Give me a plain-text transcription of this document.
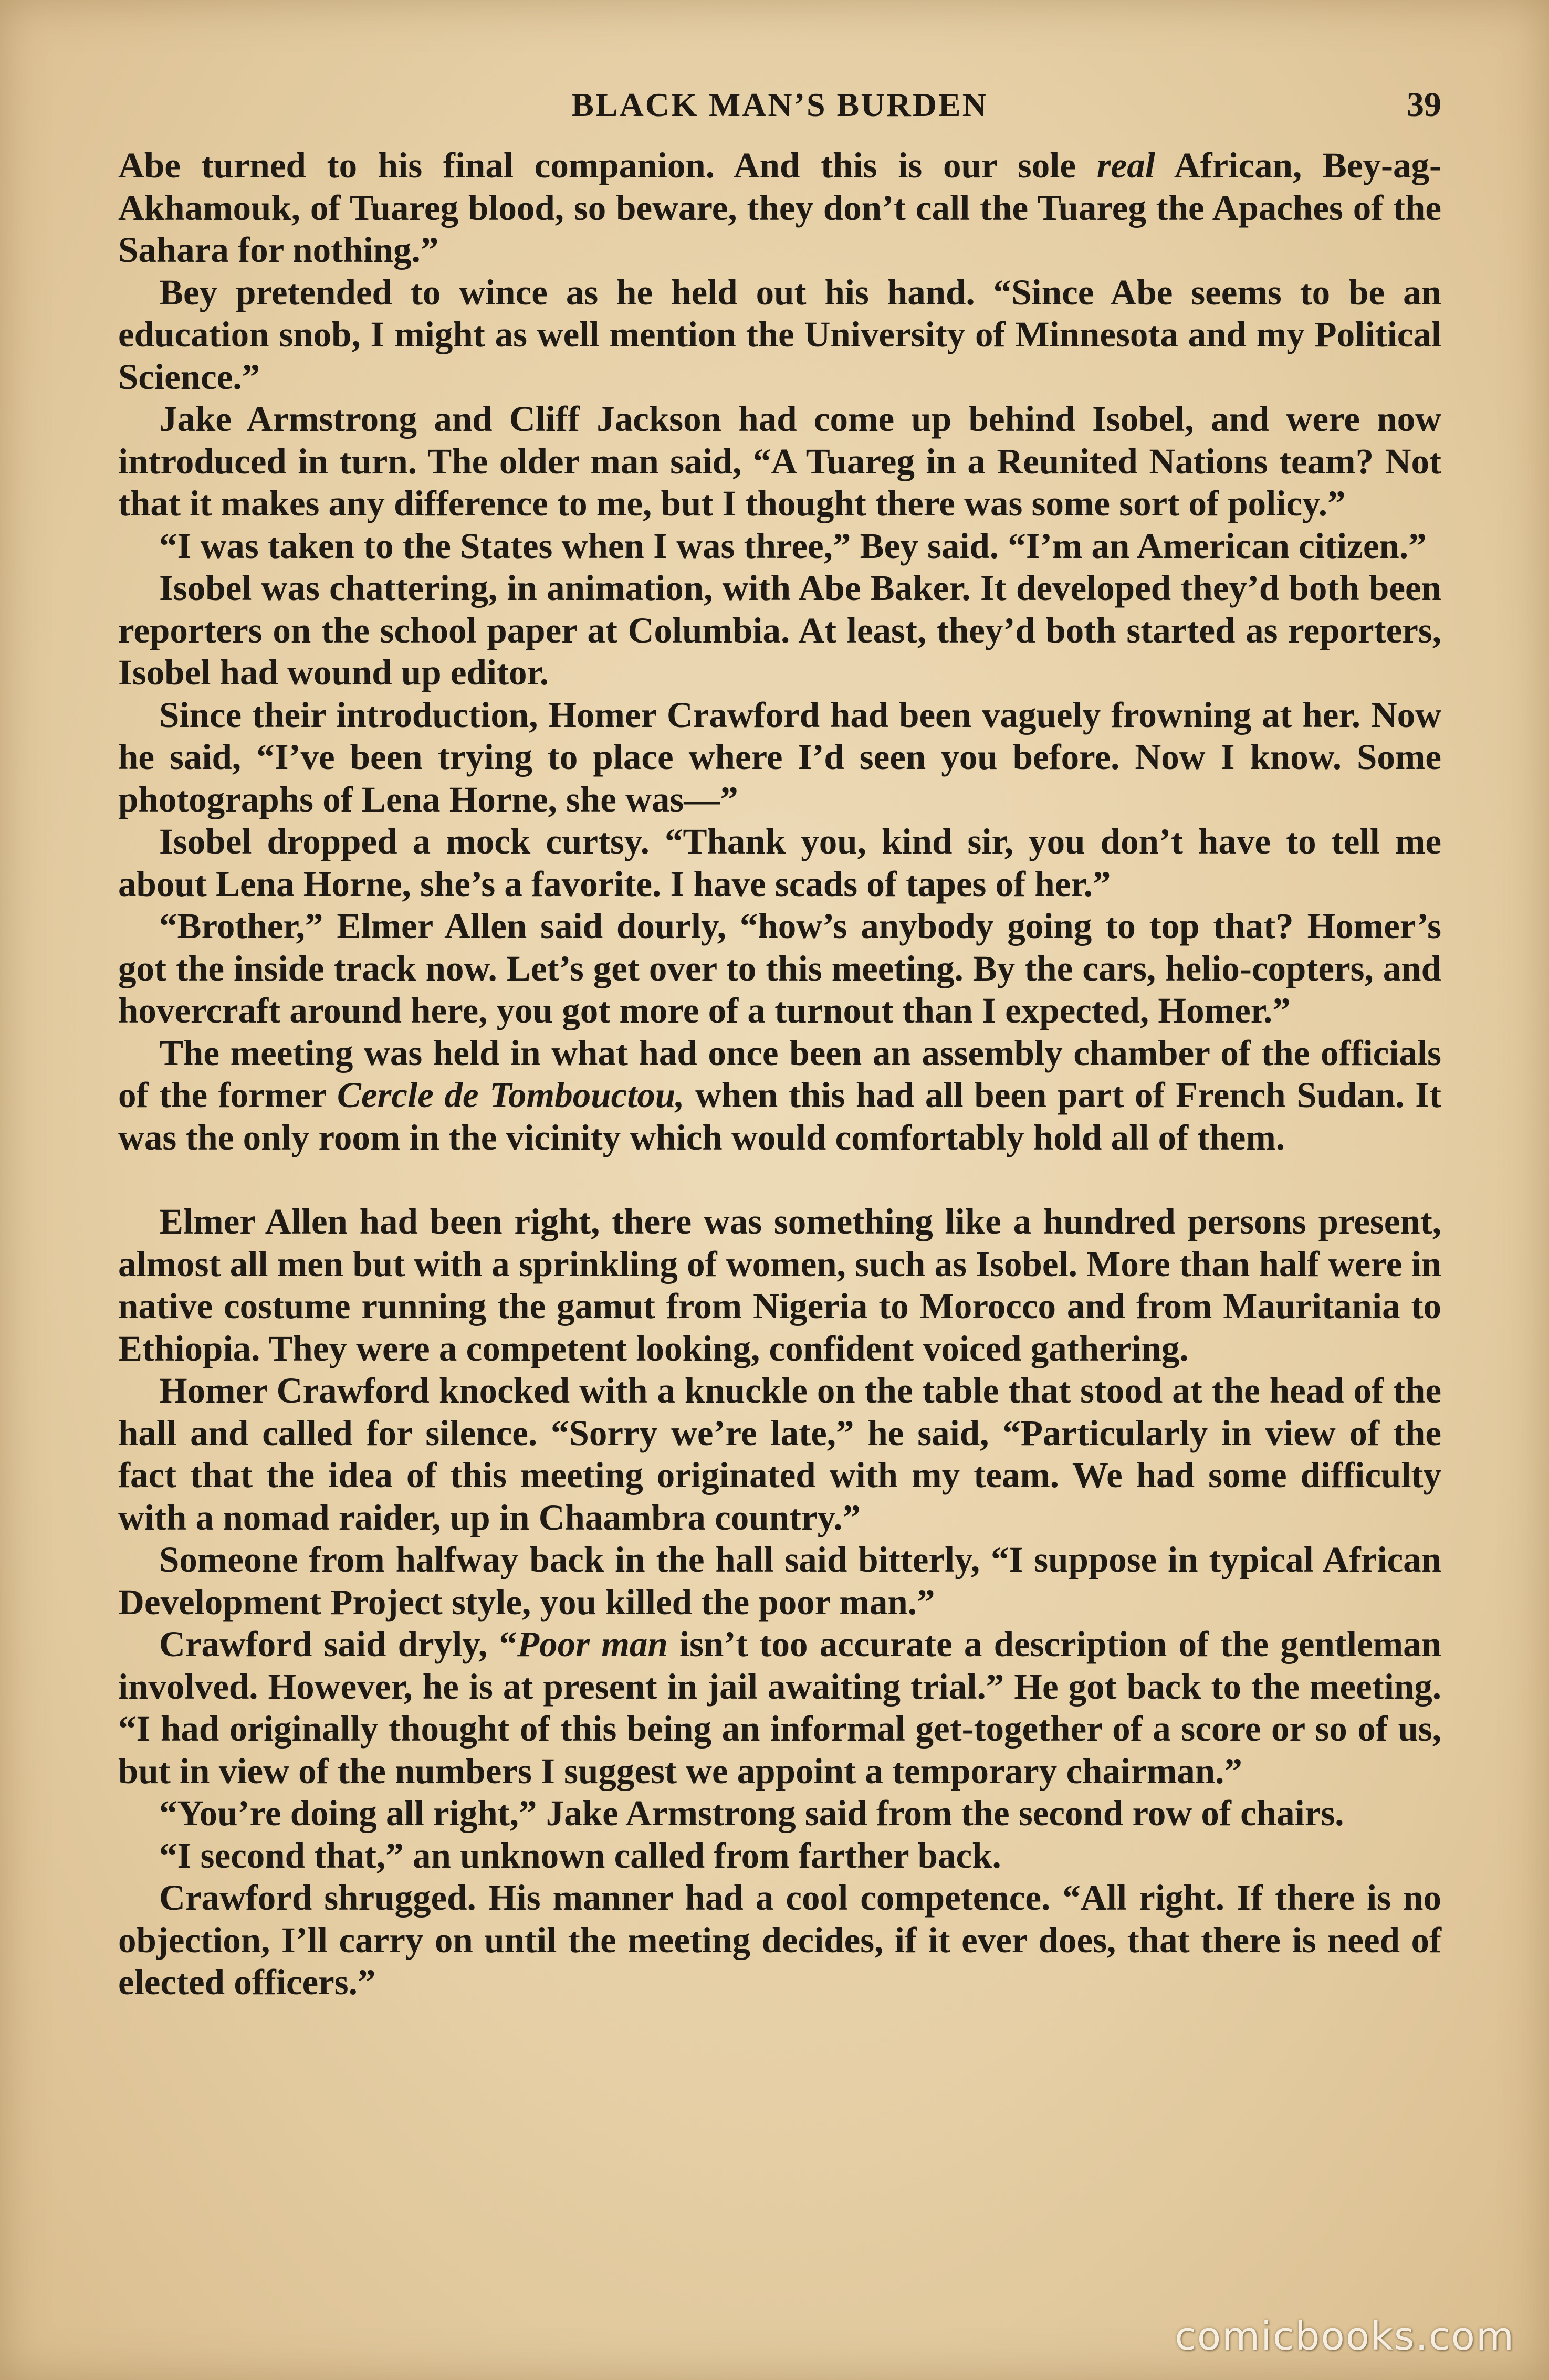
BLACK MAN’S BURDEN	39

Abe turned to his final companion. And this is our sole real African, Bey-ag-Akhamouk, of Tuareg blood, so beware, they don’t call the Tuareg the Apaches of the Sahara for nothing.”

Bey pretended to wince as he held out his hand. “Since Abe seems to be an education snob, I might as well mention the University of Minnesota and my Political Science.”

Jake Armstrong and Cliff Jackson had come up behind Isobel, and were now introduced in turn. The older man said, “A Tuareg in a Reunited Nations team? Not that it makes any difference to me, but I thought there was some sort of policy.”

“I was taken to the States when I was three,” Bey said. “I’m an American citizen.”

Isobel was chattering, in animation, with Abe Baker. It developed they’d both been reporters on the school paper at Columbia. At least, they’d both started as reporters, Isobel had wound up editor.

Since their introduction, Homer Crawford had been vaguely frowning at her. Now he said, “I’ve been trying to place where I’d seen you before. Now I know. Some photographs of Lena Horne, she was—”

Isobel dropped a mock curtsy. “Thank you, kind sir, you don’t have to tell me about Lena Horne, she’s a favorite. I have scads of tapes of her.”

“Brother,” Elmer Allen said dourly, “how’s anybody going to top that? Homer’s got the inside track now. Let’s get over to this meeting. By the cars, helio-copters, and hovercraft around here, you got more of a turnout than I expected, Homer.”

The meeting was held in what had once been an assembly chamber of the officials of the former Cercle de Tombouctou, when this had all been part of French Sudan. It was the only room in the vicinity which would comfortably hold all of them.

Elmer Allen had been right, there was something like a hundred persons present, almost all men but with a sprinkling of women, such as Isobel. More than half were in native costume running the gamut from Nigeria to Morocco and from Mauritania to Ethiopia. They were a competent looking, confident voiced gathering.

Homer Crawford knocked with a knuckle on the table that stood at the head of the hall and called for silence. “Sorry we’re late,” he said, “Particularly in view of the fact that the idea of this meeting originated with my team. We had some difficulty with a nomad raider, up in Chaambra country.”

Someone from halfway back in the hall said bitterly, “I suppose in typical African Development Project style, you killed the poor man.”

Crawford said dryly, “Poor man isn’t too accurate a description of the gentleman involved. However, he is at present in jail awaiting trial.” He got back to the meeting. “I had originally thought of this being an informal get-together of a score or so of us, but in view of the numbers I suggest we appoint a temporary chairman.”

“You’re doing all right,” Jake Armstrong said from the second row of chairs.

“I second that,” an unknown called from farther back.

Crawford shrugged. His manner had a cool competence. “All right. If there is no objection, I’ll carry on until the meeting decides, if it ever does, that there is need of elected officers.”

comicbooks.com
